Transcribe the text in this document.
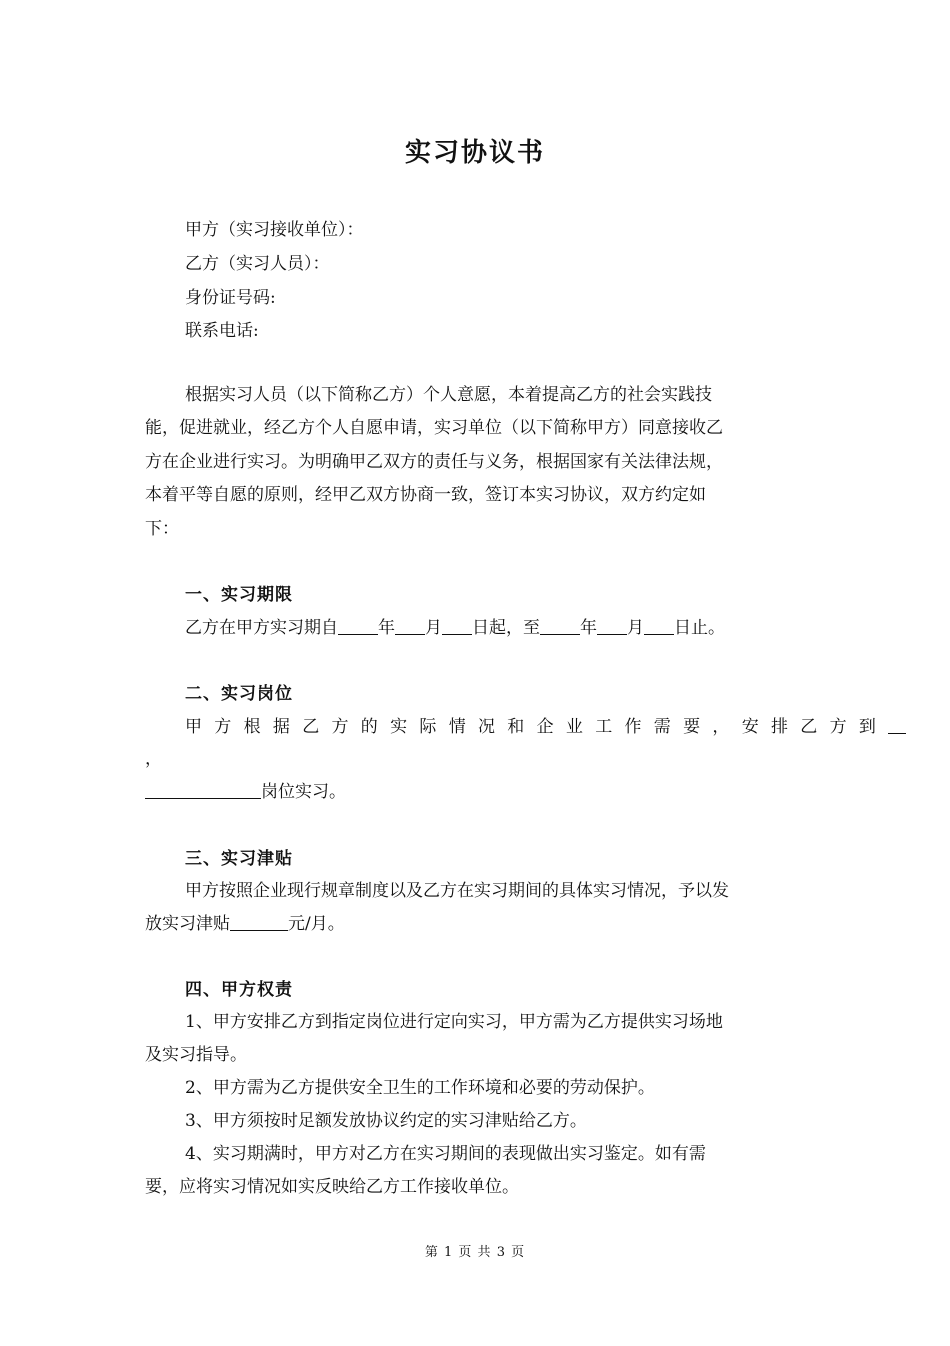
实习协议书
甲方（实习接收单位）：
乙方（实习人员）：
身份证号码:
联系电话:
根据实习人员（以下简称乙方）个人意愿，本着提高乙方的社会实践技
能，促进就业，经乙方个人自愿申请，实习单位（以下简称甲方）同意接收乙
方在企业进行实习。为明确甲乙双方的责任与义务，根据国家有关法律法规，
本着平等自愿的原则，经甲乙双方协商一致，签订本实习协议，双方约定如
下：
一、实习期限
乙方在甲方实习期自 年 月 日起，至 年 月 日止。
二、实习岗位
甲方根据乙方的实际情况和企业工作需要，安排乙方到
，
岗位实习。
三、实习津贴
甲方按照企业现行规章制度以及乙方在实习期间的具体实习情况，予以发
放实习津贴	元/月。
四、甲方权责
1、甲方安排乙方到指定岗位进行定向实习，甲方需为乙方提供实习场地
及实习指导。
2、甲方需为乙方提供安全卫生的工作环境和必要的劳动保护。
3、甲方须按时足额发放协议约定的实习津贴给乙方。
4、实习期满时，甲方对乙方在实习期间的表现做出实习鉴定。如有需
要，应将实习情况如实反映给乙方工作接收单位。
第 1 页 共 3 页
